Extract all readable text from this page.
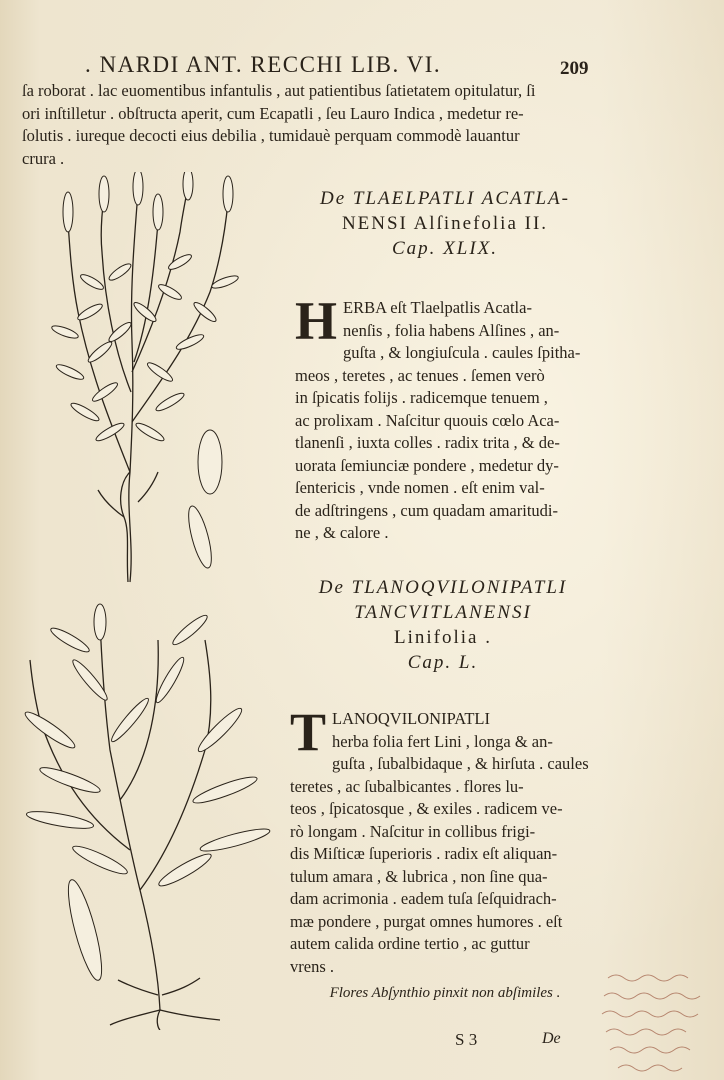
. NARDI ANT. RECCHI LIB. VI.	209
ſa roborat . lac euomentibus infantulis , aut patientibus ſatietatem opitulatur, ſi
ori inſtilletur . obſtructa aperit, cum Ecapatli , ſeu Lauro Indica , medetur re-
ſolutis . iureque decocti eius debilia , tumidauè perquam commodè lauantur
crura .
De TLAELPATLI ACATLA-
NENSI Alſinefolia II.
Cap. XLIX.
H ERBA eſt Tlaelpatlis Acatla-
nenſis , folia habens Alſines , an-
guſta , & longiuſcula . caules ſpitha-
meos , teretes , ac tenues . ſemen verò
in ſpicatis folijs . radicemque tenuem ,
ac prolixam . Naſcitur quouis cœlo Aca-
tlanenſi , iuxta colles . radix trita , & de-
uorata ſemiunciæ pondere , medetur dy-
ſentericis , vnde nomen . eſt enim val-
de adſtringens , cum quadam amaritudi-
ne , & calore .
De TLANOQVILONIPATLI
TANCVITLANENSI
Linifolia .
Cap. L.
T LANOQVILONIPATLI
herba folia fert Lini , longa & an-
guſta , ſubalbidaque , & hirſuta . caules
teretes , ac ſubalbicantes . flores lu-
teos , ſpicatosque , & exiles . radicem ve-
rò longam . Naſcitur in collibus frigi-
dis Miſticæ ſuperioris . radix eſt aliquan-
tulum amara , & lubrica , non ſine qua-
dam acrimonia . eadem tuſa ſeſquidrach-
mæ pondere , purgat omnes humores . eſt
autem calida ordine tertio , ac guttur
vrens .
Flores Abſynthio pinxit non abſimiles .
S 3	De
